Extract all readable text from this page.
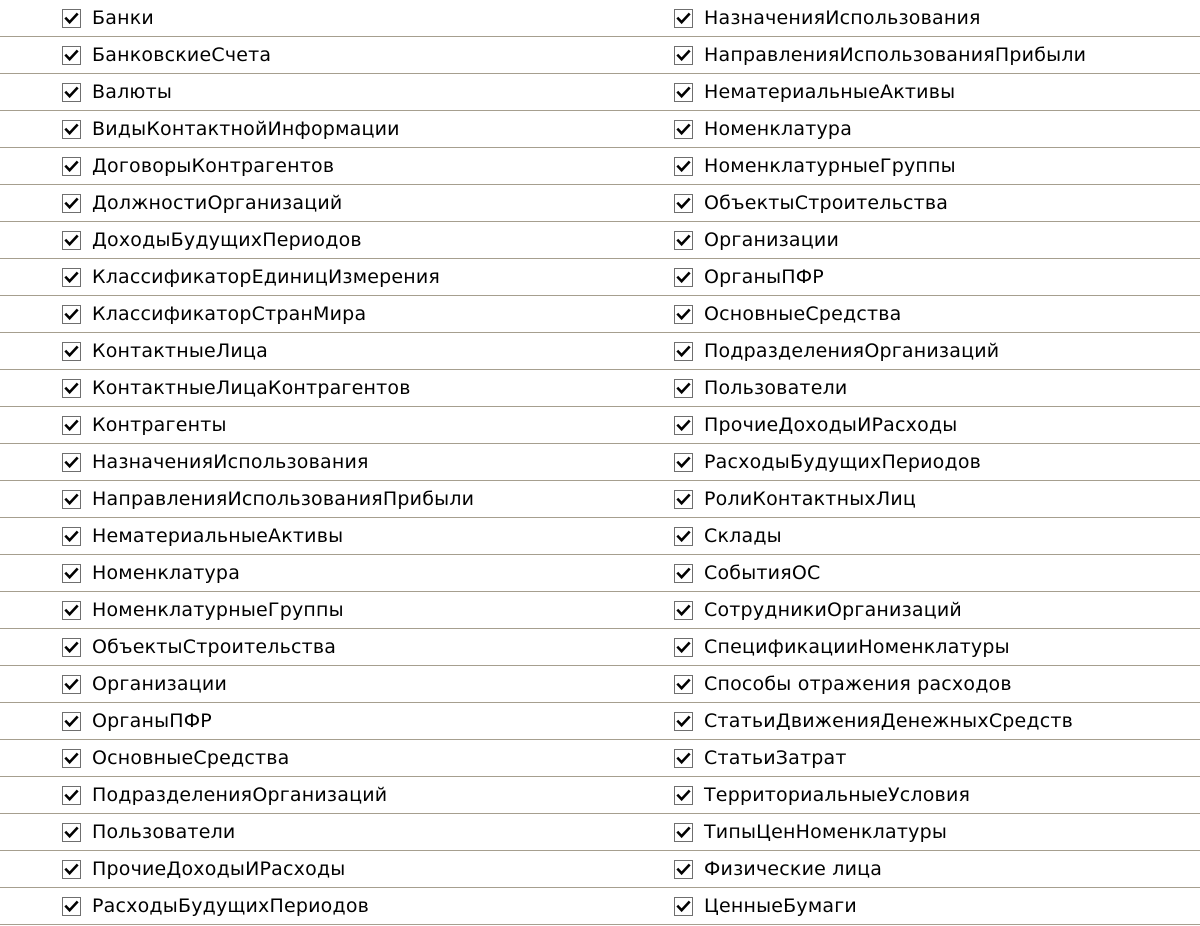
Банки
БанковскиеСчета
Валюты
ВидыКонтактнойИнформации
ДоговорыКонтрагентов
ДолжностиОрганизаций
ДоходыБудущихПериодов
КлассификаторЕдиницИзмерения
КлассификаторСтранМира
КонтактныеЛица
КонтактныеЛицаКонтрагентов
Контрагенты
НазначенияИспользования
НаправленияИспользованияПрибыли
НематериальныеАктивы
Номенклатура
НоменклатурныеГруппы
ОбъектыСтроительства
Организации
ОрганыПФР
ОсновныеСредства
ПодразделенияОрганизаций
Пользователи
ПрочиеДоходыИРасходы
РасходыБудущихПериодов
НазначенияИспользования
НаправленияИспользованияПрибыли
НематериальныеАктивы
Номенклатура
НоменклатурныеГруппы
ОбъектыСтроительства
Организации
ОрганыПФР
ОсновныеСредства
ПодразделенияОрганизаций
Пользователи
ПрочиеДоходыИРасходы
РасходыБудущихПериодов
РолиКонтактныхЛиц
Склады
СобытияОС
СотрудникиОрганизаций
СпецификацииНоменклатуры
Способы отражения расходов
СтатьиДвиженияДенежныхСредств
СтатьиЗатрат
ТерриториальныеУсловия
ТипыЦенНоменклатуры
Физические лица
ЦенныеБумаги
